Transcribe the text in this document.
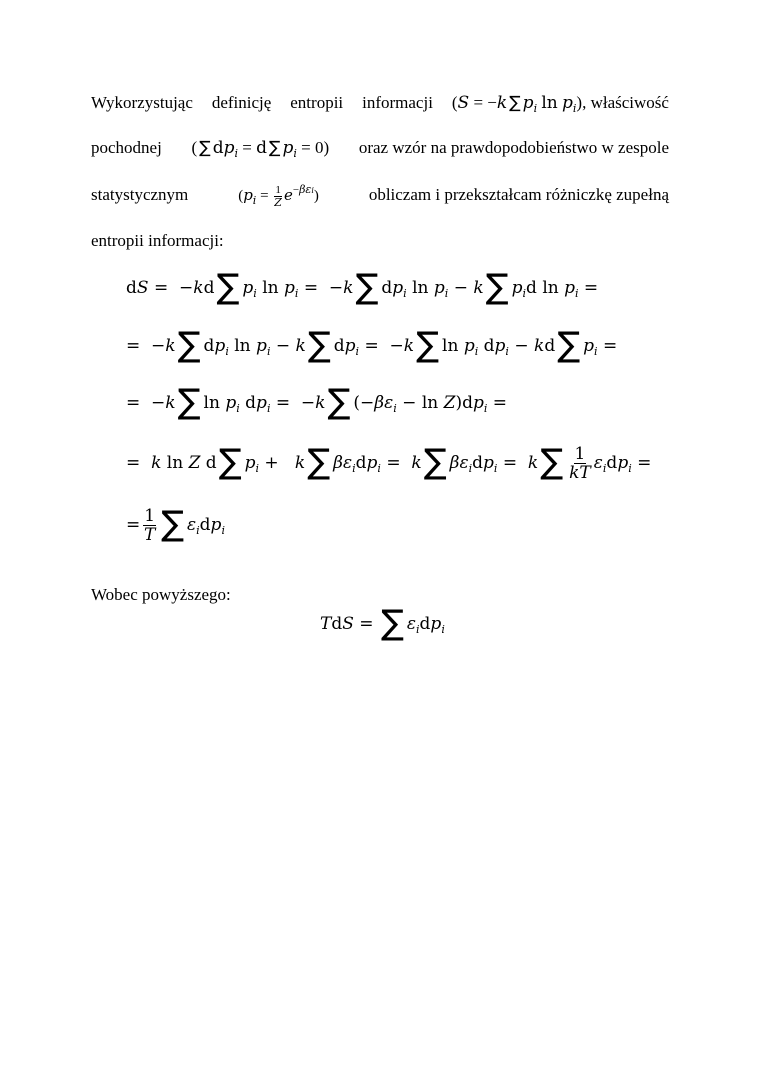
Wykorzystując definicję entropii informacji (S = −k ∑ $p_i$ $\ln p_i$), właściwość
pochodnej ( ∑ $dp_i = d$ ∑ $p_i = 0$) oraz wzór na prawdopodobieństwo w zespole
statystycznym	$(p_i = \frac{1}{Z} e^{-\beta\varepsilon i})$	obliczam i przekształcam różniczkę zupełną
entropii informacji:
d S =  − k d ∑ $p_i$
ln
$p_i$ =  − k ∑ d $p_i$
ln
$p_i - k$ ∑ $p_i$ d
ln
$p_i$ =
=  − k ∑ d $p_i$
ln
$p_i - k$ ∑ d $p_i$ =  − k ∑ ln
$p_i$
d $p_i - k$ d ∑ $p_i$ =
=  − k ∑ ln
$p_i$
d $p_i$ =  − k ∑ (− $\beta\varepsilon_i - \ln$
Z ) d $p_i$ =
= k
ln
Z
d ∑ $p_i + k$ ∑ $\beta\varepsilon_i$ d $p_i = k$ ∑ $\beta\varepsilon_i$ d $p_i = k$ ∑ $\frac{1}{kT} \varepsilon_i$ d $p_i$ =
= $\frac{1}{T}$ ∑ $\varepsilon_i$ d $p_i$
Wobec powyższego:
T d S = ∑ $\varepsilon_i$ d $p_i$
